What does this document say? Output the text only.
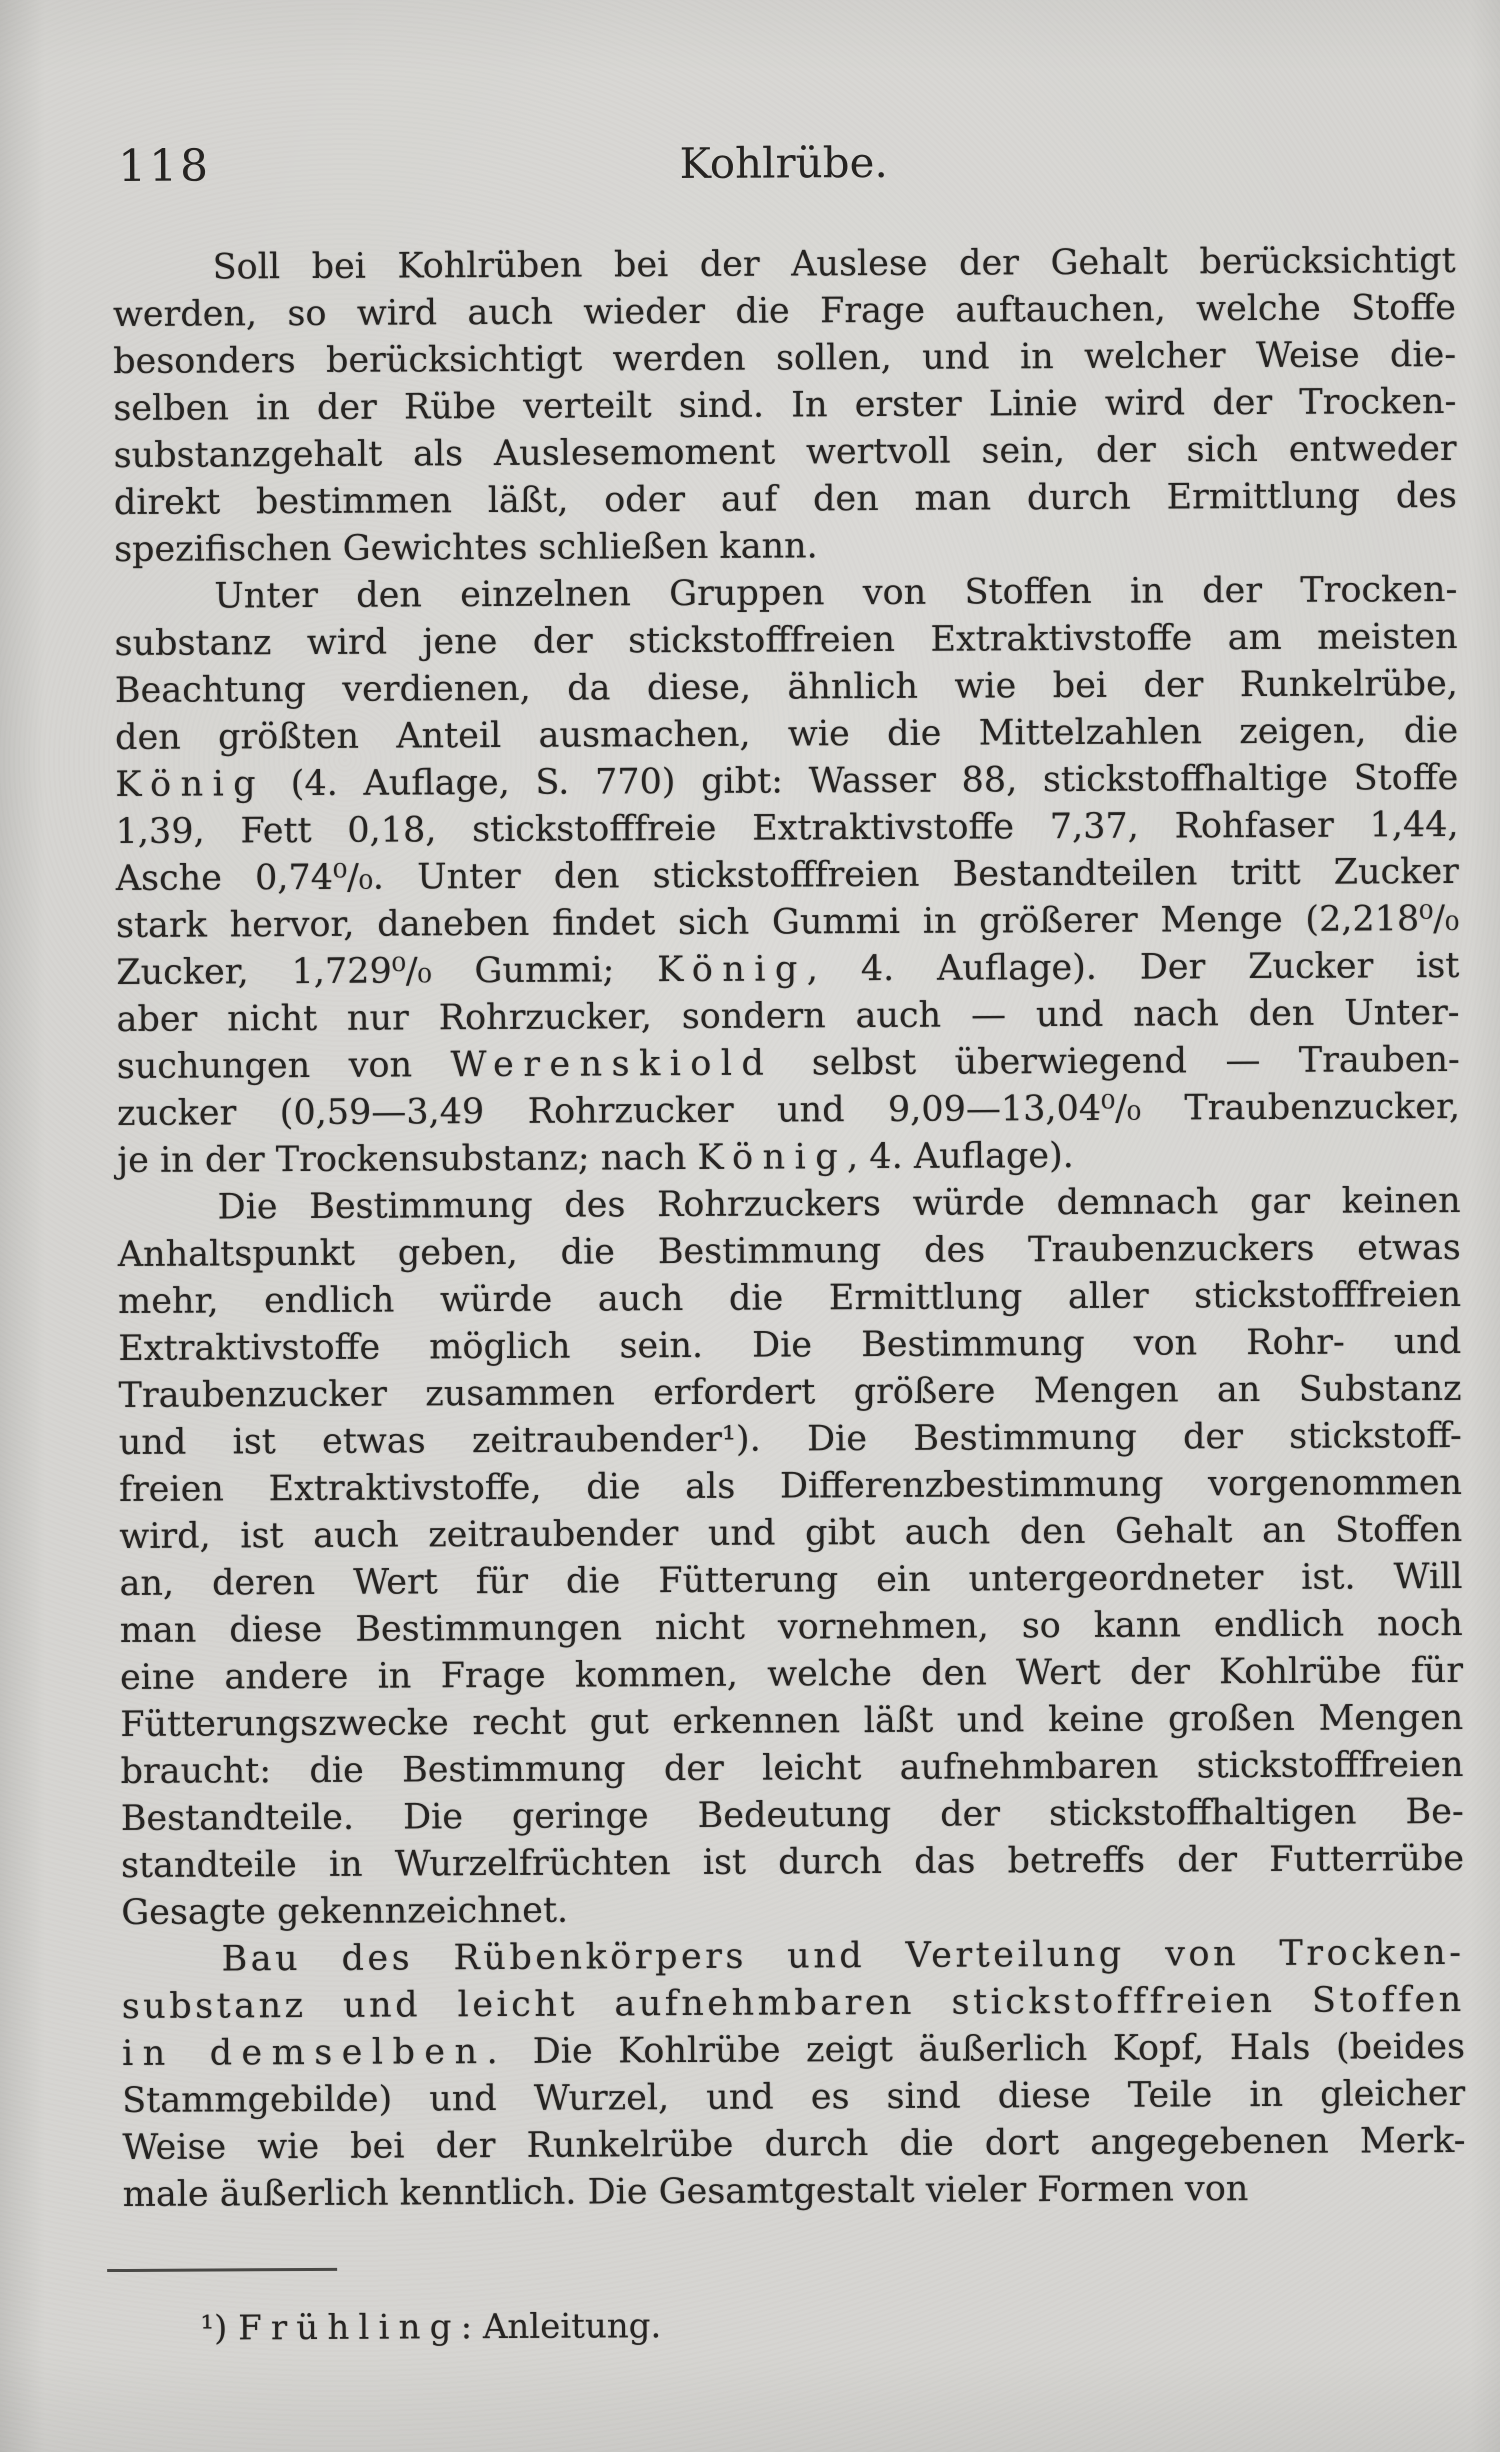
118	Kohlrübe.
Soll bei Kohlrüben bei der Auslese der Gehalt berücksichtigt
werden, so wird auch wieder die Frage auftauchen, welche Stoffe
besonders berücksichtigt werden sollen, und in welcher Weise die-
selben in der Rübe verteilt sind. In erster Linie wird der Trocken-
substanzgehalt als Auslesemoment wertvoll sein, der sich entweder
direkt bestimmen läßt, oder auf den man durch Ermittlung des
spezifischen Gewichtes schließen kann.
Unter den einzelnen Gruppen von Stoffen in der Trocken-
substanz wird jene der stickstofffreien Extraktivstoffe am meisten
Beachtung verdienen, da diese, ähnlich wie bei der Runkelrübe,
den größten Anteil ausmachen, wie die Mittelzahlen zeigen, die
König (4. Auflage, S. 770) gibt: Wasser 88, stickstoffhaltige Stoffe
1,39, Fett 0,18, stickstofffreie Extraktivstoffe 7,37, Rohfaser 1,44,
Asche 0,74⁰/₀. Unter den stickstofffreien Bestandteilen tritt Zucker
stark hervor, daneben findet sich Gummi in größerer Menge (2,218⁰/₀
Zucker, 1,729⁰/₀ Gummi; König, 4. Auflage). Der Zucker ist
aber nicht nur Rohrzucker, sondern auch — und nach den Unter-
suchungen von Werenskiold selbst überwiegend — Trauben-
zucker (0,59—3,49 Rohrzucker und 9,09—13,04⁰/₀ Traubenzucker,
je in der Trockensubstanz; nach König, 4. Auflage).
Die Bestimmung des Rohrzuckers würde demnach gar keinen
Anhaltspunkt geben, die Bestimmung des Traubenzuckers etwas
mehr, endlich würde auch die Ermittlung aller stickstofffreien
Extraktivstoffe möglich sein. Die Bestimmung von Rohr- und
Traubenzucker zusammen erfordert größere Mengen an Substanz
und ist etwas zeitraubender¹). Die Bestimmung der stickstoff-
freien Extraktivstoffe, die als Differenzbestimmung vorgenommen
wird, ist auch zeitraubender und gibt auch den Gehalt an Stoffen
an, deren Wert für die Fütterung ein untergeordneter ist. Will
man diese Bestimmungen nicht vornehmen, so kann endlich noch
eine andere in Frage kommen, welche den Wert der Kohlrübe für
Fütterungszwecke recht gut erkennen läßt und keine großen Mengen
braucht: die Bestimmung der leicht aufnehmbaren stickstofffreien
Bestandteile. Die geringe Bedeutung der stickstoffhaltigen Be-
standteile in Wurzelfrüchten ist durch das betreffs der Futterrübe
Gesagte gekennzeichnet.
Bau des Rübenkörpers und Verteilung von Trocken-
substanz und leicht aufnehmbaren stickstofffreien Stoffen
in demselben. Die Kohlrübe zeigt äußerlich Kopf, Hals (beides
Stammgebilde) und Wurzel, und es sind diese Teile in gleicher
Weise wie bei der Runkelrübe durch die dort angegebenen Merk-
male äußerlich kenntlich. Die Gesamtgestalt vieler Formen von
¹) Frühling: Anleitung.
